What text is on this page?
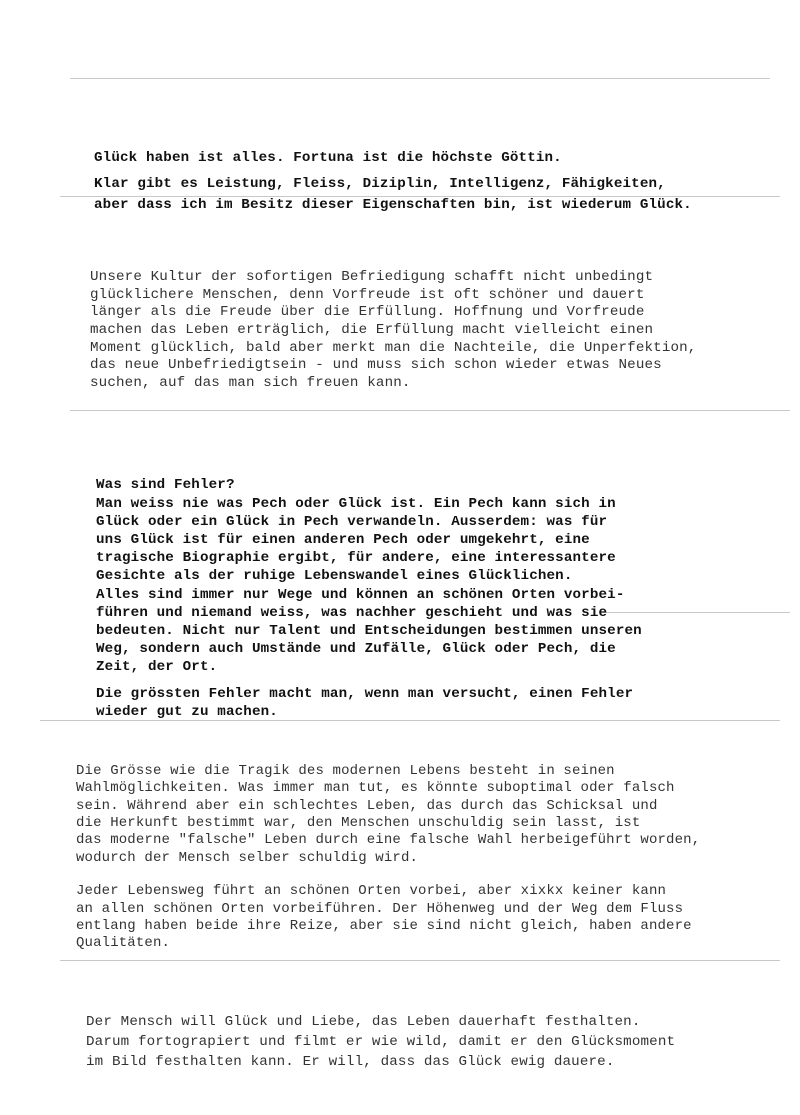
Glück haben ist alles. Fortuna ist die höchste Göttin.
Klar gibt es Leistung, Fleiss, Diziplin, Intelligenz, Fähigkeiten,
aber dass ich im Besitz dieser Eigenschaften bin, ist wiederum Glück.

Unsere Kultur der sofortigen Befriedigung schafft nicht unbedingt
glücklichere Menschen, denn Vorfreude ist oft schöner und dauert
länger als die Freude über die Erfüllung. Hoffnung und Vorfreude
machen das Leben erträglich, die Erfüllung macht vielleicht einen
Moment glücklich, bald aber merkt man die Nachteile, die Unperfektion,
das neue Unbefriedigtsein - und muss sich schon wieder etwas Neues
suchen, auf das man sich freuen kann.

Was sind Fehler?
Man weiss nie was Pech oder Glück ist. Ein Pech kann sich in
Glück oder ein Glück in Pech verwandeln. Ausserdem: was für
uns Glück ist für einen anderen Pech oder umgekehrt, eine
tragische Biographie ergibt, für andere, eine interessantere
Gesichte als der ruhige Lebenswandel eines Glücklichen.
Alles sind immer nur Wege und können an schönen Orten vorbei-
führen und niemand weiss, was nachher geschieht und was sie
bedeuten. Nicht nur Talent und Entscheidungen bestimmen unseren
Weg, sondern auch Umstände und Zufälle, Glück oder Pech, die
Zeit, der Ort.
Die grössten Fehler macht man, wenn man versucht, einen Fehler
wieder gut zu machen.

Die Grösse wie die Tragik des modernen Lebens besteht in seinen
Wahlmöglichkeiten. Was immer man tut, es könnte suboptimal oder falsch
sein. Während aber ein schlechtes Leben, das durch das Schicksal und
die Herkunft bestimmt war, den Menschen unschuldig sein lasst, ist
das moderne "falsche" Leben durch eine falsche Wahl herbeigeführt worden,
wodurch der Mensch selber schuldig wird.
Jeder Lebensweg führt an schönen Orten vorbei, aber xixkx keiner kann
an allen schönen Orten vorbeiführen. Der Höhenweg und der Weg dem Fluss
entlang haben beide ihre Reize, aber sie sind nicht gleich, haben andere
Qualitäten.

Der Mensch will Glück und Liebe, das Leben dauerhaft festhalten.
Darum fortograpiert und filmt er wie wild, damit er den Glücksmoment
im Bild festhalten kann. Er will, dass das Glück ewig dauere.
